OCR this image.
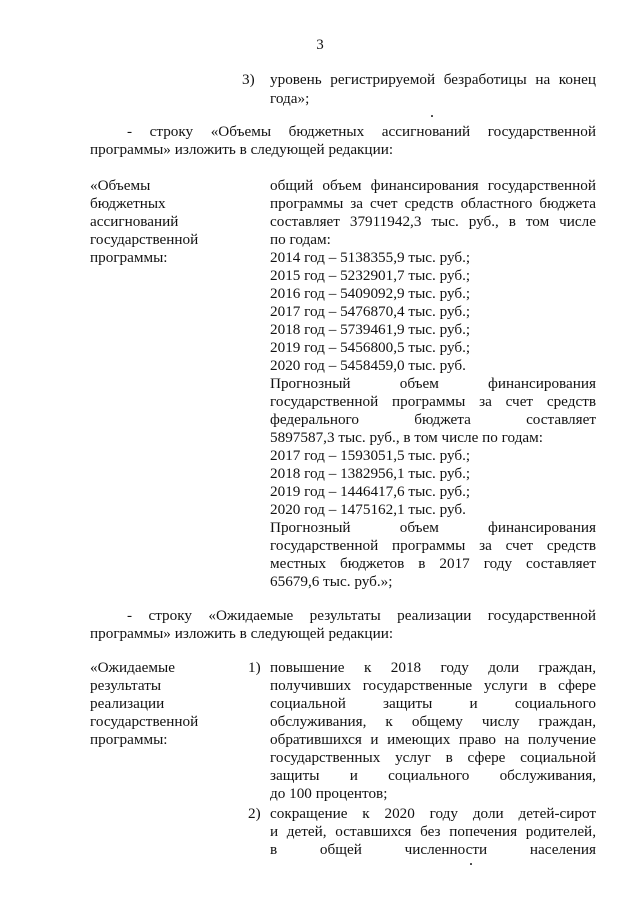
3
3) уровень регистрируемой безработицы на конец
года»;
- строку «Объемы бюджетных ассигнований государственной
программы» изложить в следующей редакции:
«Объемы
бюджетных
ассигнований
государственной
программы:
общий объем финансирования государственной
программы за счет средств областного бюджета
составляет 37911942,3 тыс. руб., в том числе
по годам:
2014 год – 5138355,9 тыс. руб.;
2015 год – 5232901,7 тыс. руб.;
2016 год – 5409092,9 тыс. руб.;
2017 год – 5476870,4 тыс. руб.;
2018 год – 5739461,9 тыс. руб.;
2019 год – 5456800,5 тыс. руб.;
2020 год – 5458459,0 тыс. руб.
Прогнозный объем финансирования
государственной программы за счет средств
федерального бюджета составляет
5897587,3 тыс. руб., в том числе по годам:
2017 год – 1593051,5 тыс. руб.;
2018 год – 1382956,1 тыс. руб.;
2019 год – 1446417,6 тыс. руб.;
2020 год – 1475162,1 тыс. руб.
Прогнозный объем финансирования
государственной программы за счет средств
местных бюджетов в 2017 году составляет
65679,6 тыс. руб.»;
- строку «Ожидаемые результаты реализации государственной
программы» изложить в следующей редакции:
«Ожидаемые
результаты
реализации
государственной
программы:
1) повышение к 2018 году доли граждан,
получивших государственные услуги в сфере
социальной защиты и социального
обслуживания, к общему числу граждан,
обратившихся и имеющих право на получение
государственных услуг в сфере социальной
защиты и социального обслуживания,
до 100 процентов;
2) сокращение к 2020 году доли детей-сирот
и детей, оставшихся без попечения родителей,
в общей численности населения
